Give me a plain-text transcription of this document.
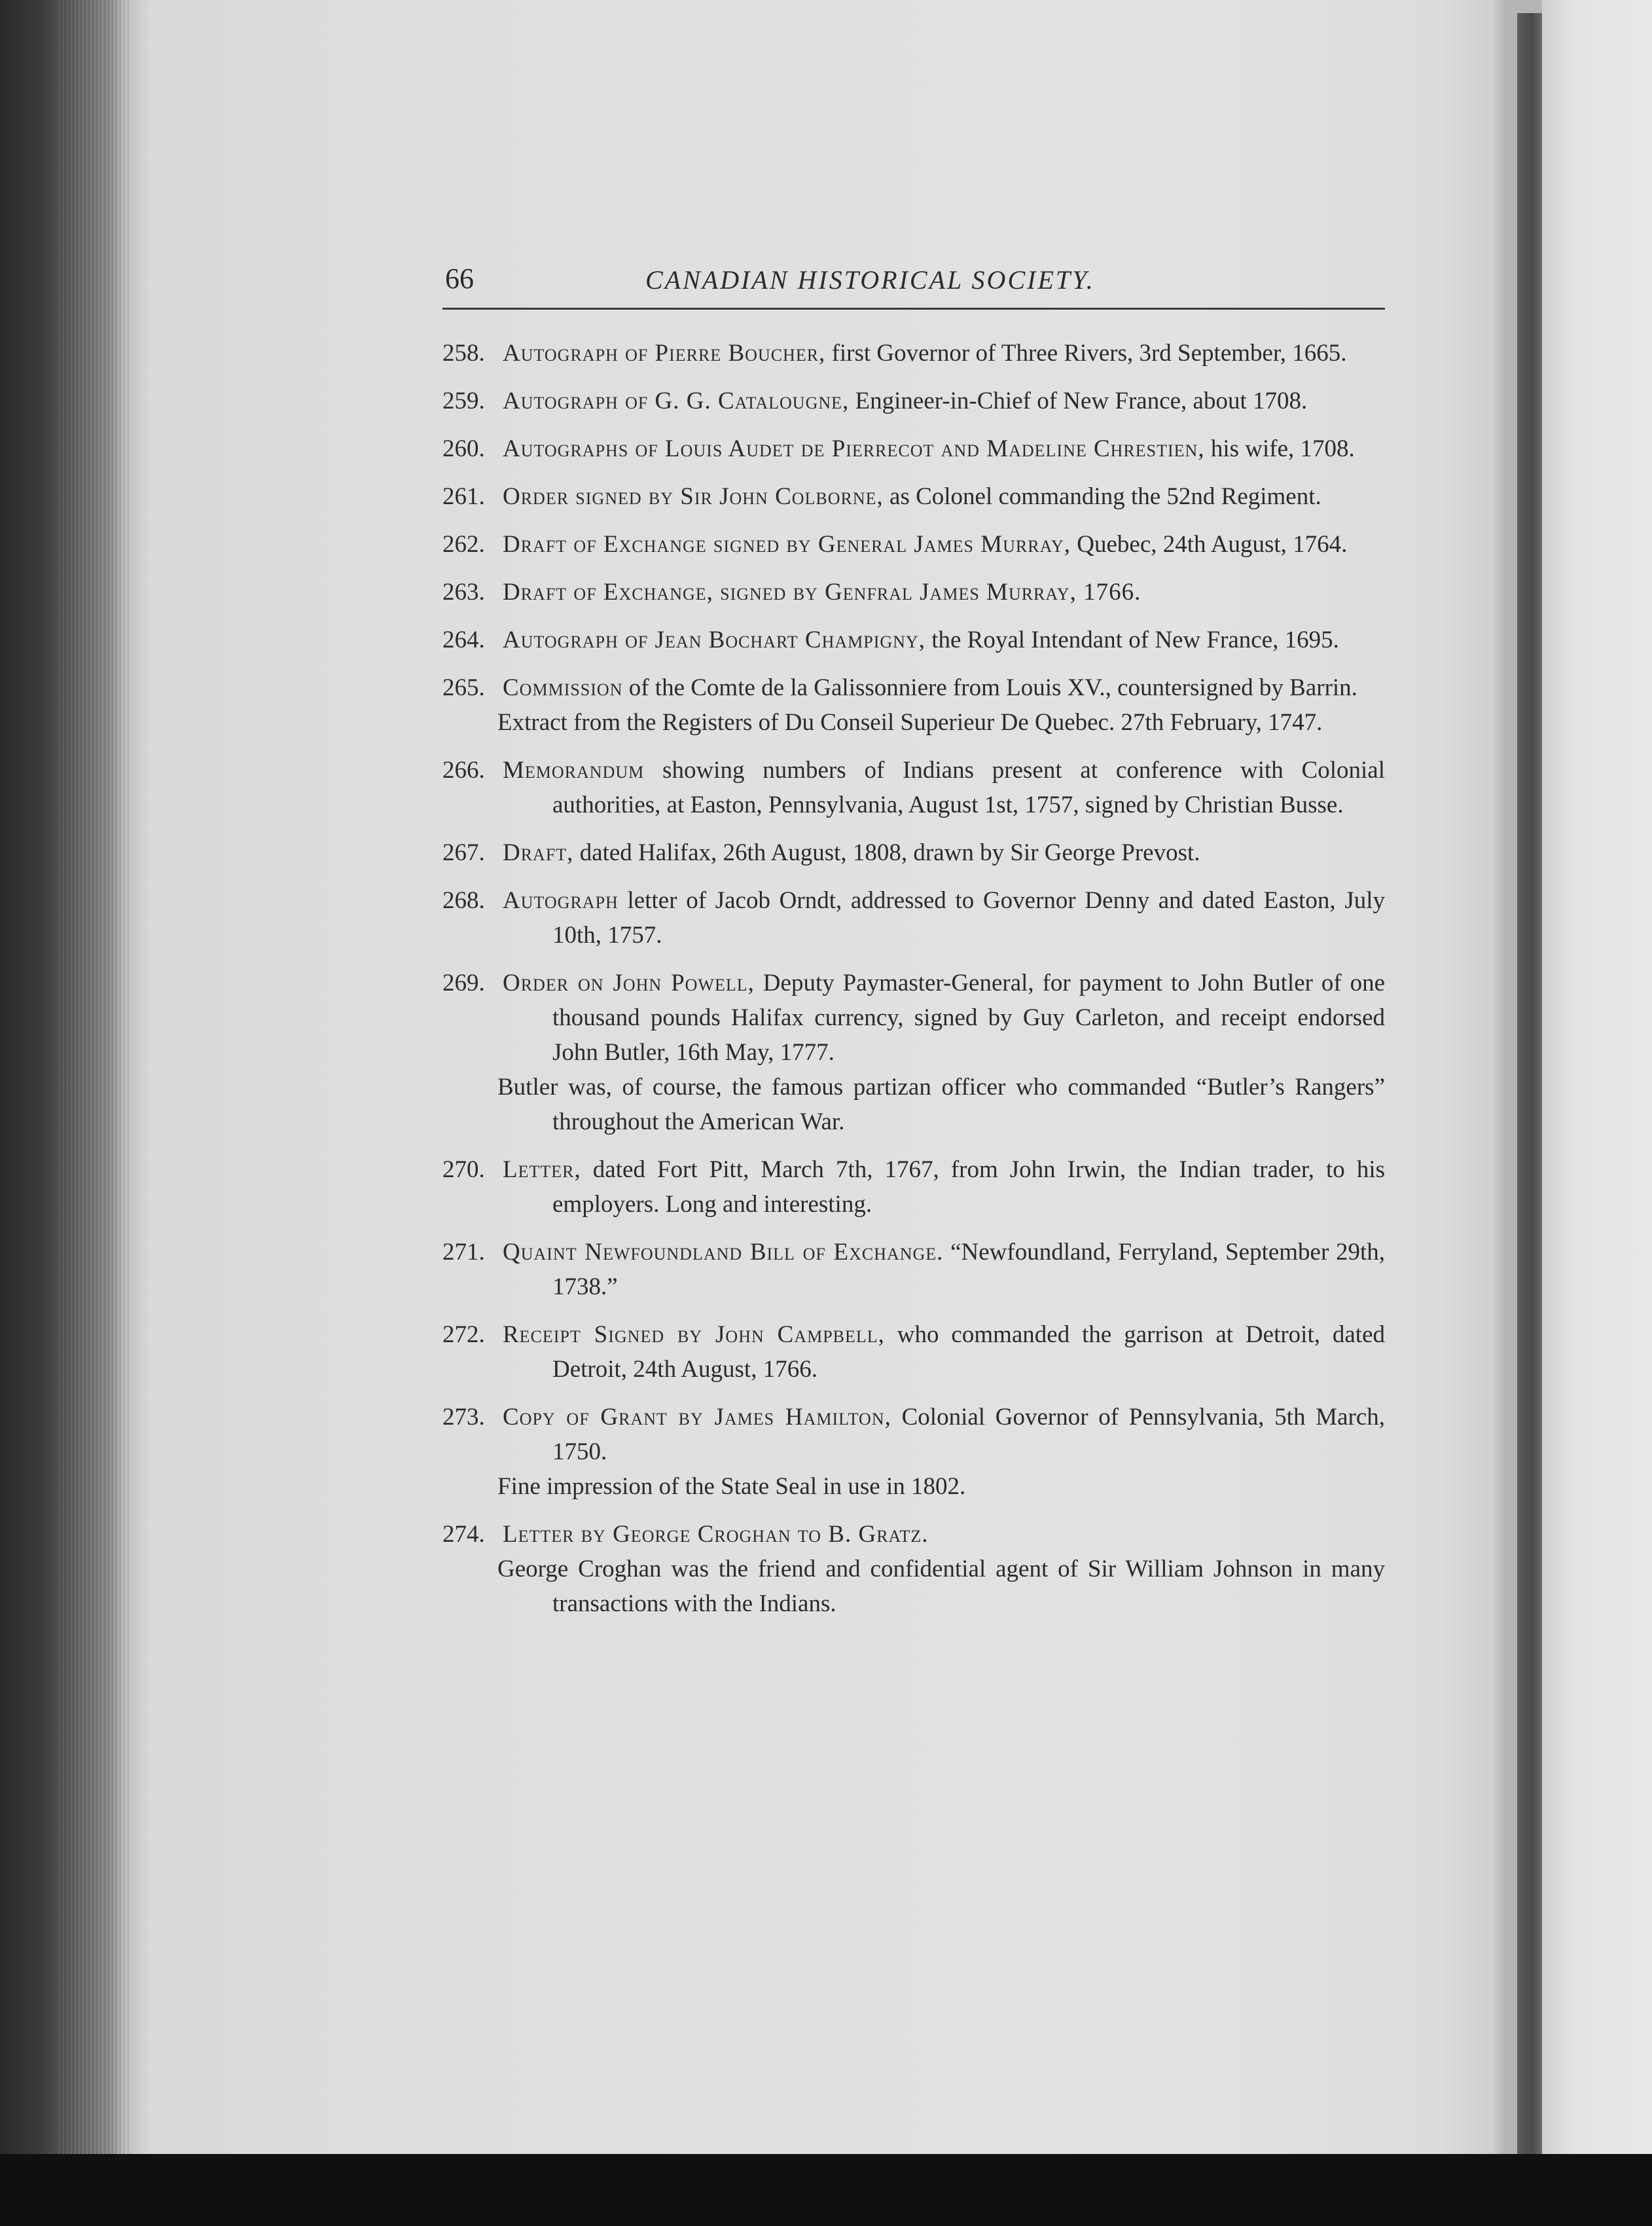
66	CANADIAN HISTORICAL SOCIETY.
258. Autograph of Pierre Boucher, first Governor of Three Rivers, 3rd September, 1665.
259. Autograph of G. G. Catalougne, Engineer-in-Chief of New France, about 1708.
260. Autographs of Louis Audet de Pierrecot and Madeline Chrestien, his wife, 1708.
261. Order signed by Sir John Colborne, as Colonel commanding the 52nd Regiment.
262. Draft of Exchange signed by General James Murray, Quebec, 24th August, 1764.
263. Draft of Exchange, signed by Genfral James Murray, 1766.
264. Autograph of Jean Bochart Champigny, the Royal Intendant of New France, 1695.
265. Commission of the Comte de la Galissonniere from Louis XV., countersigned by Barrin.
Extract from the Registers of Du Conseil Superieur De Quebec. 27th February, 1747.
266. Memorandum showing numbers of Indians present at conference with Colonial authorities, at Easton, Pennsylvania, August 1st, 1757, signed by Christian Busse.
267. Draft, dated Halifax, 26th August, 1808, drawn by Sir George Prevost.
268. Autograph letter of Jacob Orndt, addressed to Governor Denny and dated Easton, July 10th, 1757.
269. Order on John Powell, Deputy Paymaster-General, for payment to John Butler of one thousand pounds Halifax currency, signed by Guy Carleton, and receipt endorsed John Butler, 16th May, 1777.
Butler was, of course, the famous partizan officer who commanded “Butler’s Rangers” throughout the American War.
270. Letter, dated Fort Pitt, March 7th, 1767, from John Irwin, the Indian trader, to his employers. Long and interesting.
271. Quaint Newfoundland Bill of Exchange. “Newfoundland, Ferryland, September 29th, 1738.”
272. Receipt Signed by John Campbell, who commanded the garrison at Detroit, dated Detroit, 24th August, 1766.
273. Copy of Grant by James Hamilton, Colonial Governor of Pennsylvania, 5th March, 1750.
Fine impression of the State Seal in use in 1802.
274. Letter by George Croghan to B. Gratz.
George Croghan was the friend and confidential agent of Sir William Johnson in many transactions with the Indians.
